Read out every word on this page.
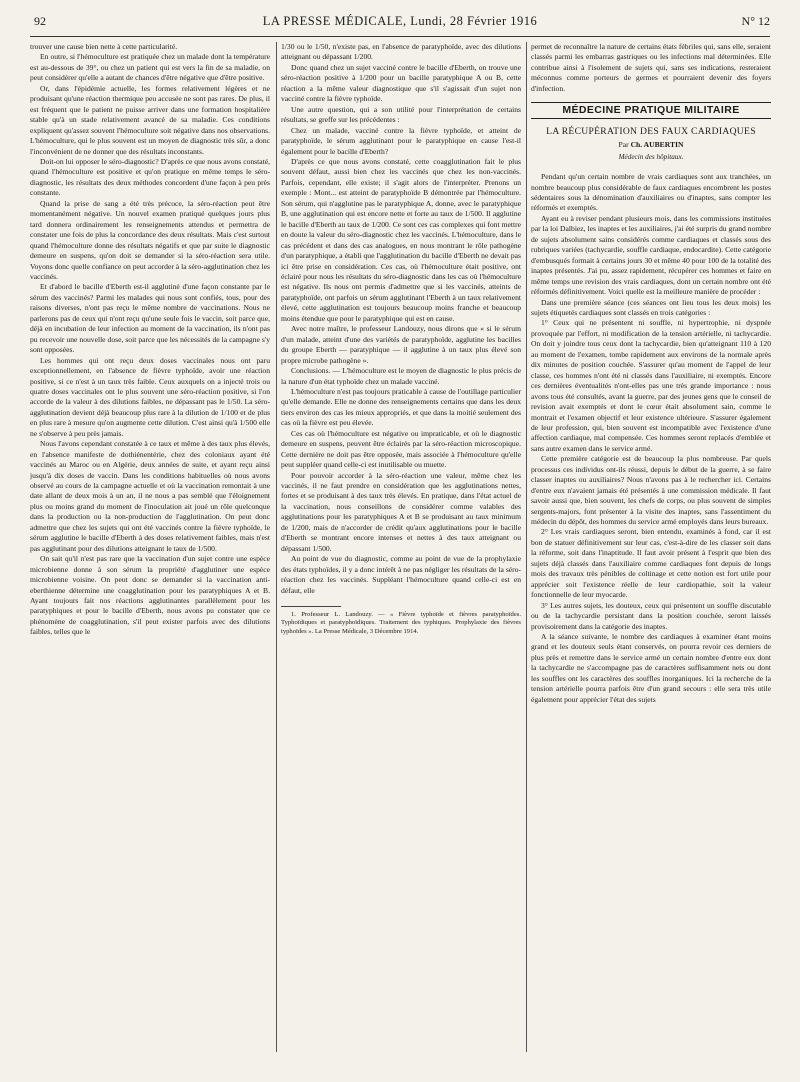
92	LA PRESSE MÉDICALE, Lundi, 28 Février 1916	N° 12

trouver une cause bien nette à cette particularité.

En outre, si l'hémoculture est pratiquée chez un malade dont la température est au-dessous de 39°, ou chez un patient qui est vers la fin de sa maladie, on peut considérer qu'elle a autant de chances d'être négative que d'être positive.

Or, dans l'épidémie actuelle, les formes relativement légères et ne produisant qu'une réaction thermique peu accusée ne sont pas rares. De plus, il est fréquent que le patient ne puisse arriver dans une formation hospitalière stable qu'à un stade relativement avancé de sa maladie. Ces conditions expliquent qu'assez souvent l'hémoculture soit négative dans nos observations. L'hémoculture, qui le plus souvent est un moyen de diagnostic très sûr, a donc l'inconvénient de ne donner que des résultats inconstants.

Doit-on lui opposer le séro-diagnostic? D'après ce que nous avons constaté, quand l'hémoculture est positive et qu'on pratique en même temps le séro-diagnostic, les résultats des deux méthodes concordent d'une façon à peu près constante.

Quand la prise de sang a été très précoce, la séro-réaction peut être momentanément négative. Un nouvel examen pratiqué quelques jours plus tard donnera ordinairement les renseignements attendus et permettra de constater une fois de plus la concordance des deux résultats. Mais c'est surtout quand l'hémoculture donne des résultats négatifs et que par suite le diagnostic demeure en suspens, qu'on doit se demander si la séro-réaction sera utile. Voyons donc quelle confiance on peut accorder à la séro-agglutination chez les vaccinés.

Et d'abord le bacille d'Eberth est-il agglutiné d'une façon constante par le sérum des vaccinés? Parmi les malades qui nous sont confiés, tous, pour des raisons diverses, n'ont pas reçu le même nombre de vaccinations. Nous ne parlerons pas de ceux qui n'ont reçu qu'une seule fois le vaccin, soit parce que, déjà en incubation de leur infection au moment de la vaccination, ils n'ont pas pu recevoir une nouvelle dose, soit parce que les nécessités de la campagne s'y sont opposées.

Les hommes qui ont reçu deux doses vaccinales nous ont paru exceptionnellement, en l'absence de fièvre typhoïde, avoir une réaction positive, si ce n'est à un taux très faible. Ceux auxquels on a injecté trois ou quatre doses vaccinales ont le plus souvent une séro-réaction positive, si l'on accorde de la valeur à des dilutions faibles, ne dépassant pas le 1/50. La séro-agglutination devient déjà beaucoup plus rare à la dilution de 1/100 et de plus en plus rare à mesure qu'on augmente cette dilution. C'est ainsi qu'à 1/500 elle ne s'observe à peu près jamais.

Nous l'avons cependant constatée à ce taux et même à des taux plus élevés, en l'absence manifeste de dothiénentérie, chez des coloniaux ayant été vaccinés au Maroc ou en Algérie, deux années de suite, et ayant reçu ainsi jusqu'à dix doses de vaccin. Dans les conditions habituelles où nous avons observé au cours de la campagne actuelle et où la vaccination remontait à une date allant de deux mois à un an, il ne nous a pas semblé que l'éloignement plus ou moins grand du moment de l'inoculation ait joué un rôle quelconque dans la production ou la non-production de l'agglutination. On peut donc admettre que chez les sujets qui ont été vaccinés contre la fièvre typhoïde, le sérum agglutine le bacille d'Eberth à des doses relativement faibles, mais n'est pas agglutinant pour des dilutions atteignant le taux de 1/500.

On sait qu'il n'est pas rare que la vaccination d'un sujet contre une espèce microbienne donne à son sérum la propriété d'agglutiner une espèce microbienne voisine. On peut donc se demander si la vaccination anti-eberthienne détermine une coagglutination pour les paratyphiques A et B. Ayant toujours fait nos réactions agglutinantes parallèlement pour les paratyphiques et pour le bacille d'Eberth, nous avons pu constater que ce phénomène de coagglutination, s'il peut exister parfois avec des dilutions faibles, telles que le

1/30 ou le 1/50, n'existe pas, en l'absence de paratyphoïde, avec des dilutions atteignant ou dépassant 1/200.

Donc quand chez un sujet vacciné contre le bacille d'Eberth, on trouve une séro-réaction positive à 1/200 pour un bacille paratyphique A ou B, cette réaction a la même valeur diagnostique que s'il s'agissait d'un sujet non vacciné contre la fièvre typhoïde.

Une autre question, qui a son utilité pour l'interprétation de certains résultats, se greffe sur les précédentes :

Chez un malade, vacciné contre la fièvre typhoïde, et atteint de paratyphoïde, le sérum agglutinant pour le paratyphique en cause l'est-il également pour le bacille d'Eberth?

D'après ce que nous avons constaté, cette coagglutination fait le plus souvent défaut, aussi bien chez les vaccinés que chez les non-vaccinés. Parfois, cependant, elle existe; il s'agit alors de l'interpréter. Prenons un exemple : Mont... est atteint de paratyphoïde B démontrée par l'hémoculture. Son sérum, qui n'agglutine pas le paratyphique A, donne, avec le paratyphique B, une agglutination qui est encore nette et forte au taux de 1/500. Il agglutine le bacille d'Eberth au taux de 1/200. Ce sont ces cas complexes qui font mettre en doute la valeur du séro-diagnostic chez les vaccinés. L'hémoculture, dans le cas précédent et dans des cas analogues, en nous montrant le rôle pathogène d'un paratyphique, a établi que l'agglutination du bacille d'Eberth ne devait pas ici être prise en considération. Ces cas, où l'hémoculture était positive, ont éclairé pour nous les résultats du séro-diagnostic dans les cas où l'hémoculture est négative. Ils nous ont permis d'admettre que si les vaccinés, atteints de paratyphoïde, ont parfois un sérum agglutinant l'Eberth à un taux relativement élevé, cette agglutination est toujours beaucoup moins franche et beaucoup moins étendue que pour le paratyphique qui est en cause.

Avec notre maître, le professeur Landouzy, nous dirons que « si le sérum d'un malade, atteint d'une des variétés de paratyphoïde, agglutine les bacilles du groupe Eberth — paratyphique — il agglutine à un taux plus élevé son propre microbe pathogène ».

Conclusions. — L'hémoculture est le moyen de diagnostic le plus précis de la nature d'un état typhoïde chez un malade vacciné.

L'hémoculture n'est pas toujours praticable à cause de l'outillage particulier qu'elle demande. Elle ne donne des renseignements certains que dans les deux tiers environ des cas les mieux appropriés, et que dans la moitié seulement des cas où la fièvre est peu élevée.

Ces cas où l'hémoculture est négative ou impraticable, et où le diagnostic demeure en suspens, peuvent être éclairés par la séro-réaction microscopique. Cette dernière ne doit pas être opposée, mais associée à l'hémoculture qu'elle peut suppléer quand celle-ci est inutilisable ou muette.

Pour pouvoir accorder à la séro-réaction une valeur, même chez les vaccinés, il ne faut prendre en considération que les agglutinations nettes, fortes et se produisant à des taux très élevés. En pratique, dans l'état actuel de la vaccination, nous conseillons de considérer comme valables des agglutinations pour les paratyphiques A et B se produisant au taux minimum de 1/200, mais de n'accorder de crédit qu'aux agglutinations pour le bacille d'Eberth se montrant encore intenses et nettes à des taux atteignant ou dépassant 1/500.

Au point de vue du diagnostic, comme au point de vue de la prophylaxie des états typhoïdes, il y a donc intérêt à ne pas négliger les résultats de la séro-réaction chez les vaccinés. Suppléant l'hémoculture quand celle-ci est en défaut, elle

1. Professeur L. Landouzy. — « Fièvre typhoïde et fièvres paratyphoïdes. Typhoïdiques et paratyphoïdiques. Traitement des typhiques. Prophylaxie des fièvres typhoïdes ». La Presse Médicale, 3 Décembre 1914.

permet de reconnaître la nature de certains états fébriles qui, sans elle, seraient classés parmi les embarras gastriques ou les infections mal déterminées. Elle contribue ainsi à l'isolement de sujets qui, sans ses indications, resteraient méconnus comme porteurs de germes et pourraient devenir des foyers d'infection.

MÉDECINE PRATIQUE MILITAIRE
LA RÉCUPÉRATION DES FAUX CARDIAQUES
Par Ch. AUBERTIN
Médecin des hôpitaux.

Pendant qu'un certain nombre de vrais cardiaques sont aux tranchées, un nombre beaucoup plus considérable de faux cardiaques encombrent les postes sédentaires sous la dénomination d'auxiliaires ou d'inaptes, sans compter les réformés et exemptés.

Ayant eu à reviser pendant plusieurs mois, dans les commissions instituées par la loi Dalbiez, les inaptes et les auxiliaires, j'ai été surpris du grand nombre de sujets absolument sains considérés comme cardiaques et classés sous des rubriques variées (tachycardie, souffle cardiaque, endocardite). Cette catégorie d'embusqués formait à certains jours 30 et même 40 pour 100 de la totalité des inaptes présentés. J'ai pu, assez rapidement, récupérer ces hommes et faire en même temps une revision des vrais cardiaques, dont un certain nombre ont été réformés définitivement. Voici quelle est la meilleure manière de procéder :

Dans une première séance (ces séances ont lieu tous les deux mois) les sujets étiquetés cardiaques sont classés en trois catégories :

1° Ceux qui ne présentent ni souffle, ni hypertrophie, ni dyspnée provoquée par l'effort, ni modification de la tension artérielle, ni tachycardie. On doit y joindre tous ceux dont la tachycardie, bien qu'atteignant 110 à 120 au moment de l'examen, tombe rapidement aux environs de la normale après dix minutes de position couchée. S'assurer qu'au moment de l'appel de leur classe, ces hommes n'ont été ni classés dans l'auxiliaire, ni exemptés. Encore ces dernières éventualités n'ont-elles pas une très grande importance : nous avons tous été consultés, avant la guerre, par des jeunes gens que le conseil de revision avait exemptés et dont le cœur était absolument sain, comme le montrait et l'examen objectif et leur existence ultérieure. S'assurer également de leur profession, qui, bien souvent est incompatible avec l'existence d'une affection cardiaque, mal compensée. Ces hommes seront replacés d'emblée et sans autre examen dans le service armé.

Cette première catégorie est de beaucoup la plus nombreuse. Par quels processus ces individus ont-ils réussi, depuis le début de la guerre, à se faire classer inaptes ou auxiliaires? Nous n'avons pas à le rechercher ici. Certains d'entre eux n'avaient jamais été présentés à une commission médicale. Il faut savoir aussi que, bien souvent, les chefs de corps, ou plus souvent de simples sergents-majors, font présenter à la visite des inaptes, sans l'assentiment du médecin du dépôt, des hommes du service armé employés dans leurs bureaux.

2° Les vrais cardiaques seront, bien entendu, examinés à fond, car il est bon de statuer définitivement sur leur cas, c'est-à-dire de les classer soit dans la réforme, soit dans l'inaptitude. Il faut avoir présent à l'esprit que bien des sujets déjà classés dans l'auxiliaire comme cardiaques font depuis de longs mois des travaux très pénibles de coltinage et cette notion est fort utile pour apprécier soit l'existence réelle de leur cardiopathie, soit la valeur fonctionnelle de leur myocarde.

3° Les autres sujets, les douteux, ceux qui présentent un souffle discutable ou de la tachycardie persistant dans la position couchée, seront laissés provisoirement dans la catégorie des inaptes.

A la séance suivante, le nombre des cardiaques à examiner étant moins grand et les douteux seuls étant conservés, on pourra revoir ces derniers de plus près et remettre dans le service armé un certain nombre d'entre eux dont la tachycardie ne s'accompagne pas de caractères suffisamment nets ou dont les souffles ont les caractères des souffles inorganiques. Ici la recherche de la tension artérielle pourra parfois être d'un grand secours : elle sera très utile également pour apprécier l'état des sujets
